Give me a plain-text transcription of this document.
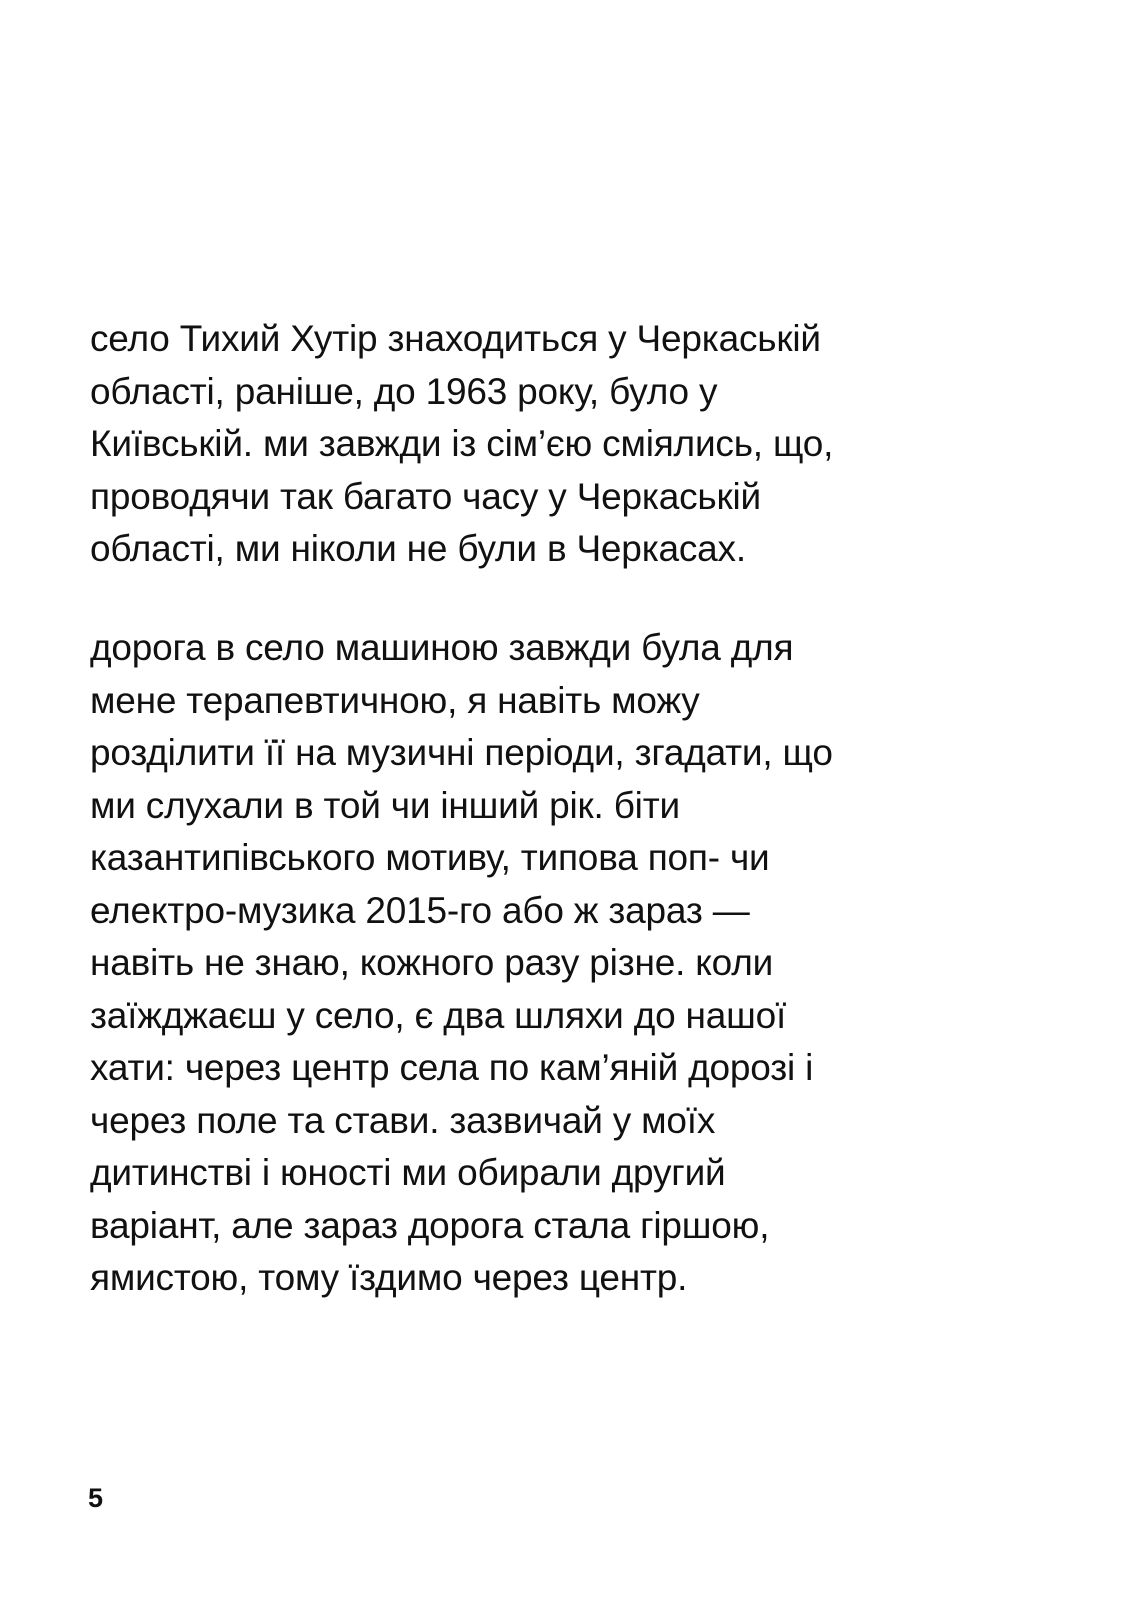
село Тихий Хутір знаходиться у Черкаській
області, раніше, до 1963 року, було у
Київській. ми завжди із сім’єю сміялись, що,
проводячи так багато часу у Черкаській
області, ми ніколи не були в Черкасах.

дорога в село машиною завжди була для
мене терапевтичною, я навіть можу
розділити її на музичні періоди, згадати, що
ми слухали в той чи інший рік. біти
казантипівського мотиву, типова поп- чи
електро-музика 2015-го або ж зараз —
навіть не знаю, кожного разу різне. коли
заїжджаєш у село, є два шляхи до нашої
хати: через центр села по кам’яній дорозі і
через поле та стави. зазвичай у моїх
дитинстві і юності ми обирали другий
варіант, але зараз дорога стала гіршою,
ямистою, тому їздимо через центр.

5
